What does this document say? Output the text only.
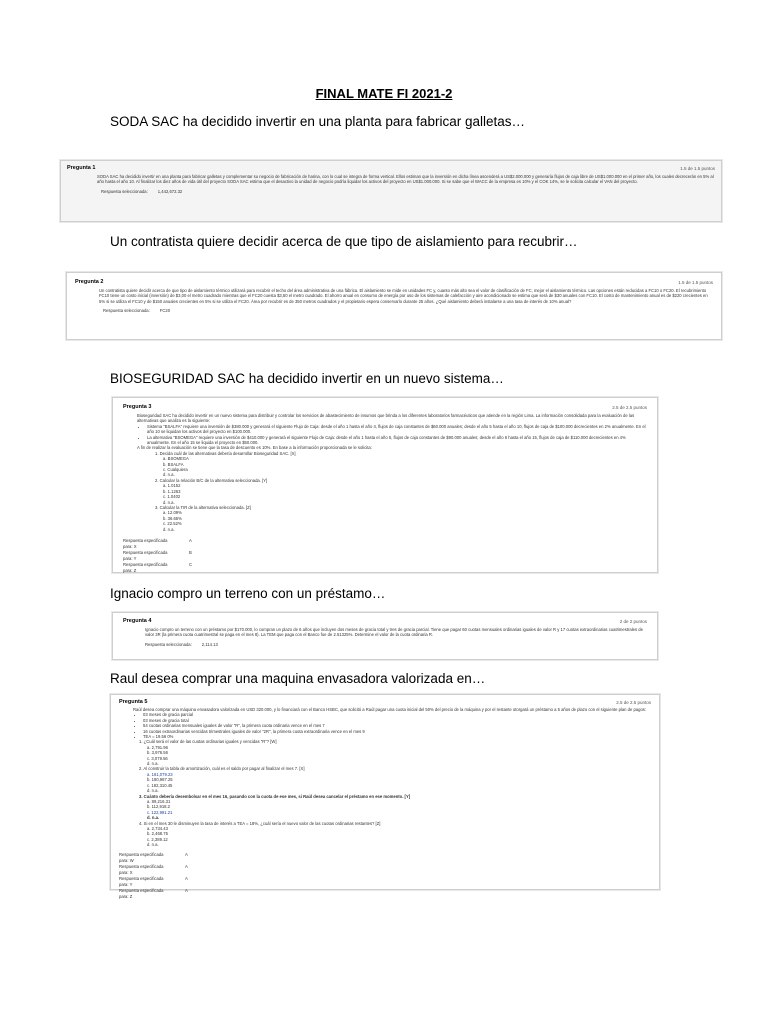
FINAL MATE FI 2021-2
SODA SAC ha decidido invertir en una planta para fabricar galletas…
Pregunta 1	1.5 de 1.5 puntos
SODA SAC ha decidido invertir en una planta para fabricar galletas y complementar su negocio de fabricación de harina, con lo cual se integra de forma vertical. Ellos estiman que la inversión en dicha línea ascenderá a US$2.000.000 y generaría flujos de caja libre de US$1.000.000 en el primer año, los cuales decrecerán en 5% al año hasta el año 10. Al finalizar los diez años de vida útil del proyecto SODA SAC estima que el desactivo la unidad de negocio podría liquidar los activos del proyecto en US$1.000.000. Si se sabe que el WACC de la empresa es 10% y el COK 14%, se le solicita calcular el VAN del proyecto.
Respuesta seleccionada: 1,442,672.32
Un contratista quiere decidir acerca de que tipo de aislamiento para recubrir…
Pregunta 2	1.5 de 1.5 puntos
Un contratista quiere decidir acerca de que tipo de aislamiento térmico utilizará para recubrir el techo del área administrativa de una fábrica. El aislamiento se mide en unidades FC y, cuanto más alto sea el valor de clasificación de FC, mejor el aislamiento térmico. Las opciones están reducidas a FC10 o FC20. El recubrimiento FC10 tiene un costo inicial (inversión) de $3,00 el metro cuadrado mientras que el FC20 cuesta $3,50 el metro cuadrado. El ahorro anual en consumo de energía por uso de los sistemas de calefacción y aire acondicionado se estima que será de $30 anuales con FC10. El costo de mantenimiento anual es de $220 crecientes en 5% si se utiliza el FC10 y de $150 anuales crecientes en 5% si se utiliza el FC20. Área por recubrir es de 350 metros cuadrados y el propietario espera conservarlo durante 25 años. ¿Qué aislamiento deberá instalarse a una tasa de interés de 10% anual?
Respuesta seleccionada: FC20
BIOSEGURIDAD SAC ha decidido invertir en un nuevo sistema…
Pregunta 3	2.5 de 2.5 puntos
Bioseguridad SAC ha decidido invertir en un nuevo sistema para distribuir y controlar los servicios de abastecimiento de insumos que brinda a los diferentes laboratorios farmacéuticos que atiende en la región Lima. La información consolidada para la evaluación de las alternativas que analiza es la siguiente:
• Sistema "BSALFA" requiere una inversión de $380.000 y generará el siguiente Flujo de Caja: desde el año 1 hasta el año 4, flujos de caja constantes de $60.000 anuales; desde el año 5 hasta el año 10, flujos de caja de $100.000 decrecientes en 2% anualmente. En el año 10 se liquidan los activos del proyecto en $100.000.
• La alternativa "BSOMEGA" requiere una inversión de $410.000 y generará el siguiente Flujo de Caja: desde el año 1 hasta el año 5, flujos de caja constantes de $90.000 anuales; desde el año 6 hasta el año 15, flujos de caja de $110.000 decrecientes en 4% anualmente. En el año 15 se liquida el proyecto en $50.000.
A fin de realizar la evaluación se tiene que la tasa de descuento es 10%. En base a la información proporcionada se le solicita:
1. Decida cuál de las alternativas debería desarrollar Bioseguridad SAC. [X]
a. BSOMEGA
b. BSALFA
c. Cualquiera
d. n.a.
2. Calcular la relación B/C de la alternativa seleccionada. [Y]
a. 1.0152
b. 1.1263
c. 1.0402
d. n.a.
3. Calcular la TIR de la alternativa seleccionada. [Z]
a. 12.09%
b. 36.65%
c. 22.52%
d. n.a.
Respuesta especificada para: X
A
Respuesta especificada para: Y
B
Respuesta especificada para: Z
C
Ignacio compro un terreno con un préstamo…
Pregunta 4	2 de 2 puntos
Ignacio compro un terreno con un préstamo por $170.000, lo compran un plazo de 6 años que incluyen dos meses de gracia total y tres de gracia parcial. Tiene que pagar 60 cuotas mensuales ordinarias iguales de valor R y 17 cuotas extraordinarias cuatrimestrales de valor 3R (la primera cuota cuatrimestral se paga en el mes 8). La TEM que paga con el Banco fue de 2.51325%. Determine el valor de la cuota ordinaria R.
Respuesta seleccionada: 2,114.13
Raul desea comprar una maquina envasadora valorizada en…
Pregunta 5	2.5 de 2.5 puntos
Raúl desea comprar una máquina envasadora valorizada en USD 320.000, y lo financiará con el Banco HSBC, que solicitó a Raúl pagar una cuota inicial del 50% del precio de la máquina y por el restante otorgará un préstamo a 5 años de plazo con el siguiente plan de pagos:
• 03 meses de gracia parcial
• 03 meses de gracia total
• 54 cuotas ordinarias mensuales iguales de valor "R", la primera cuota ordinaria vence en el mes 7
• 16 cuotas extraordinarias vencidas trimestrales iguales de valor "2R", la primera cuota extraordinaria vence en el mes 9
• TEA = 19.56 0%
1. ¿Cuál será el valor de las cuotas ordinarias iguales y vencidas "R"? [W]
a. 2,791.96
b. 3,976.56
c. 3,079.56
d. n.a.
2. Al construir la tabla de amortización, cuál es el saldo por pagar al finalizar el mes 7. [X]
a. 161,079.23
b. 180,987.25
c. 182,310.45
d. n.a.
3. Cuánto debería desembolsar en el mes 16, pasando con la cuota de ese mes, si Raúl desea cancelar el préstamo en ese momento. [Y]
a. 89,216.31
b. 112,918.2
c. 122,991.21
d. n.a.
4. Si en el mes 30 le disminuyen la tasa de interés a TEA = 18%, ¿cuál sería el nuevo valor de las cuotas ordinarias restantes? [Z]
a. 2,734.43
b. 2,468.75
c. 2,389.12
d. n.a.
Respuesta especificada para: W
A
Respuesta especificada para: X
A
Respuesta especificada para: Y
A
Respuesta especificada para: Z
A
